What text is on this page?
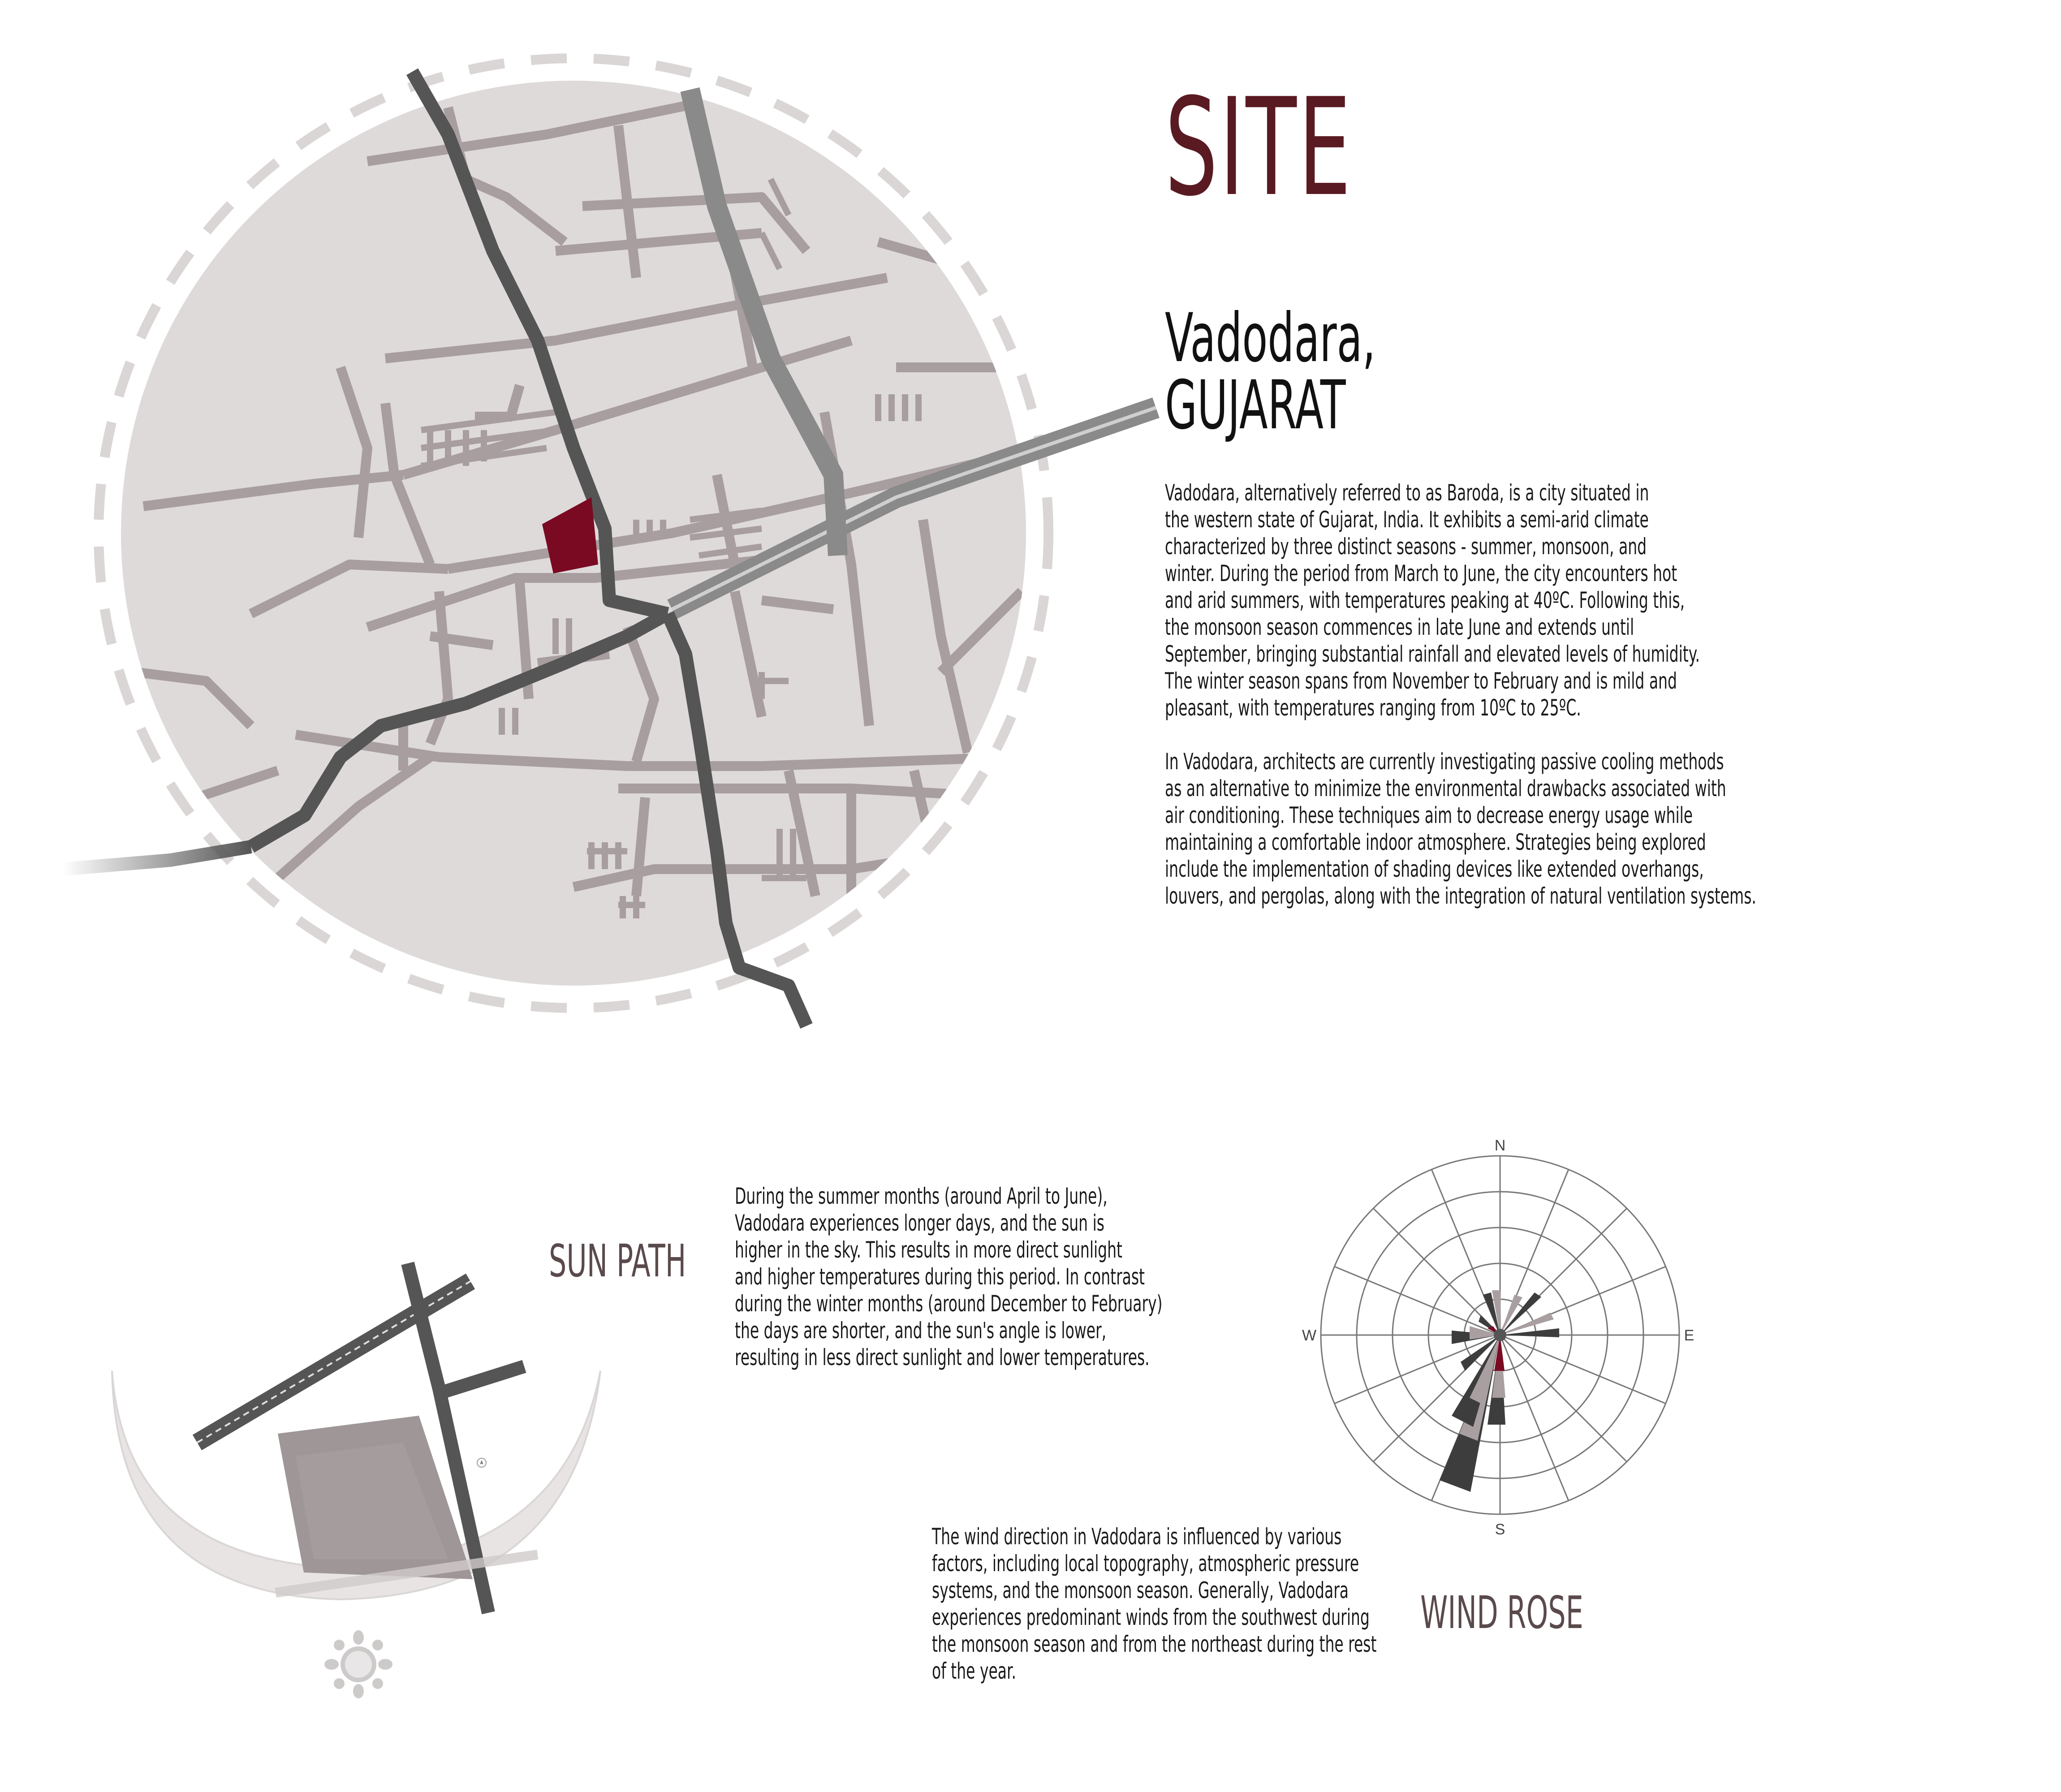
SITE
Vadodara, GUJARAT

Vadodara, alternatively referred to as Baroda, is a city situated in
the western state of Gujarat, India. It exhibits a semi-arid climate
characterized by three distinct seasons - summer, monsoon, and
winter. During the period from March to June, the city encounters hot
and arid summers, with temperatures peaking at 40ºC. Following this,
the monsoon season commences in late June and extends until
September, bringing substantial rainfall and elevated levels of humidity.
The winter season spans from November to February and is mild and
pleasant, with temperatures ranging from 10ºC to 25ºC.

In Vadodara, architects are currently investigating passive cooling methods
as an alternative to minimize the environmental drawbacks associated with
air conditioning. These techniques aim to decrease energy usage while
maintaining a comfortable indoor atmosphere. Strategies being explored
include the implementation of shading devices like extended overhangs,
louvers, and pergolas, along with the integration of natural ventilation systems.

During the summer months (around April to June),
Vadodara experiences longer days, and the sun is
higher in the sky. This results in more direct sunlight
and higher temperatures during this period. In contrast
during the winter months (around December to February)
the days are shorter, and the sun's angle is lower,
resulting in less direct sunlight and lower temperatures.
SUN PATH
The wind direction in Vadodara is influenced by various
factors, including local topography, atmospheric pressure
systems, and the monsoon season. Generally, Vadodara
experiences predominant winds from the southwest during
the monsoon season and from the northeast during the rest
of the year.
WIND ROSE
N
S
E
W
